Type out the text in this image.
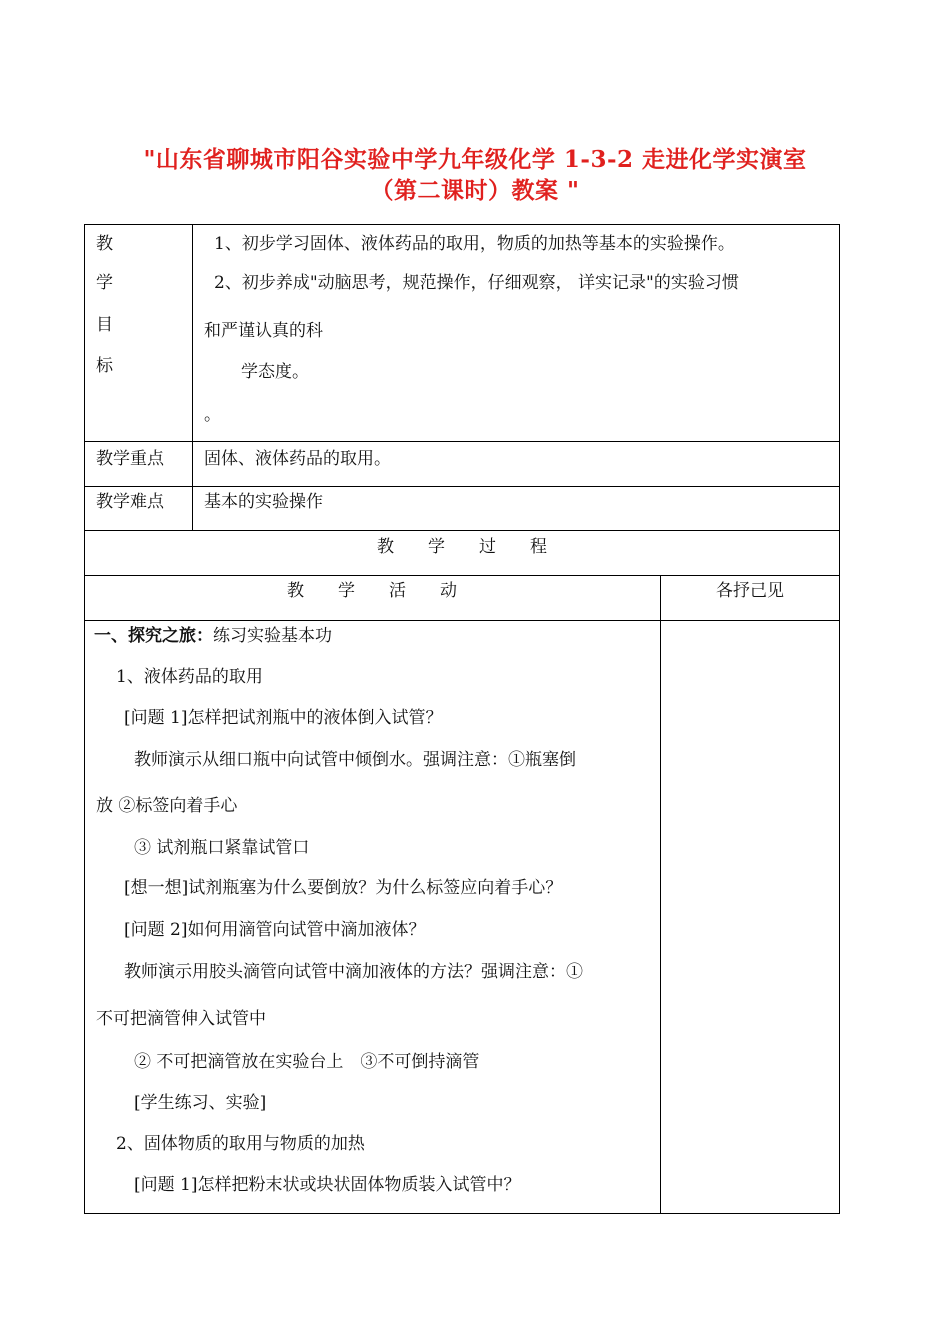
"山东省聊城市阳谷实验中学九年级化学 1-3-2 走进化学实演室
（第二课时）教案 "
教
学
目
标
1、初步学习固体、液体药品的取用，物质的加热等基本的实验操作。
2、初步养成"动脑思考，规范操作，仔细观察， 详实记录"的实验习惯
和严谨认真的科
学态度。
。
教学重点 固体、液体药品的取用。
教学难点 基本的实验操作
教　　学　　过　　程
教　　学　　活　　动	各抒己见
一、探究之旅：练习实验基本功
1、液体药品的取用
[问题 1]怎样把试剂瓶中的液体倒入试管？
教师演示从细口瓶中向试管中倾倒水。强调注意：①瓶塞倒
放 ②标签向着手心
③ 试剂瓶口紧靠试管口
[想一想]试剂瓶塞为什么要倒放？为什么标签应向着手心？
[问题 2]如何用滴管向试管中滴加液体？
教师演示用胶头滴管向试管中滴加液体的方法？强调注意：①
不可把滴管伸入试管中
② 不可把滴管放在实验台上　③不可倒持滴管
[学生练习、实验]
2、固体物质的取用与物质的加热
[问题 1]怎样把粉末状或块状固体物质装入试管中？
